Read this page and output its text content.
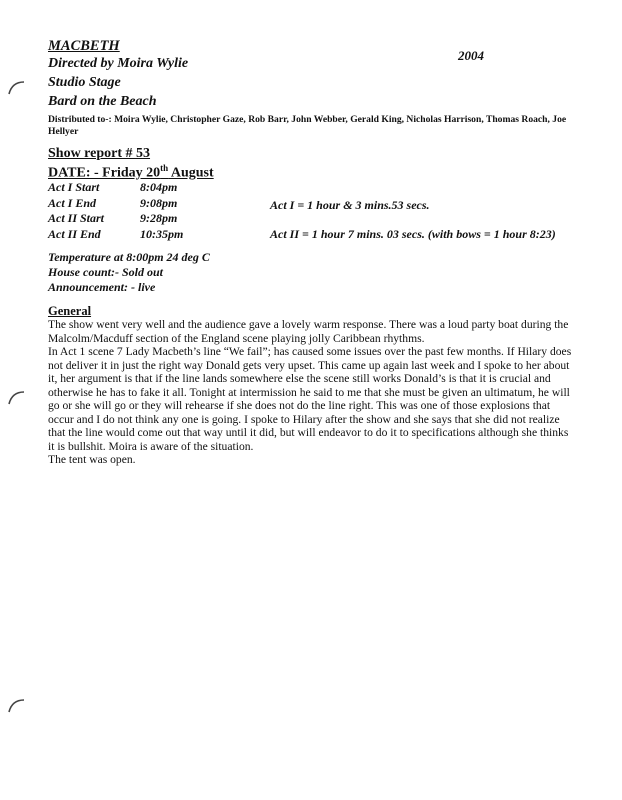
MACBETH
2004
Directed by Moira Wylie
Studio Stage
Bard on the Beach
Distributed to-: Moira Wylie, Christopher Gaze, Rob Barr, John Webber, Gerald King, Nicholas Harrison, Thomas Roach, Joe Hellyer
Show report # 53
DATE: - Friday 20th August
Act I Start	8:04pm
Act I End	9:08pm
Act II Start	9:28pm
Act II End	10:35pm
Act I = 1 hour & 3 mins.53 secs.
Act II = 1 hour 7 mins. 03 secs. (with bows = 1 hour 8:23)
Temperature at 8:00pm 24 deg C
House count:- Sold out
Announcement: - live
General

The show went very well and the audience gave a lovely warm response. There was a loud party boat during the Malcolm/Macduff section of the England scene playing jolly Caribbean rhythms.

In Act 1 scene 7 Lady Macbeth’s line “We fail”; has caused some issues over the past few months. If Hilary does not deliver it in just the right way Donald gets very upset. This came up again last week and I spoke to her about it, her argument is that if the line lands somewhere else the scene still works Donald’s is that it is crucial and otherwise he has to fake it all. Tonight at intermission he said to me that she must be given an ultimatum, he will go or she will go or they will rehearse if she does not do the line right. This was one of those explosions that occur and I do not think any one is going. I spoke to Hilary after the show and she says that she did not realize that the line would come out that way until it did, but will endeavor to do it to specifications although she thinks it is bullshit. Moira is aware of the situation.

The tent was open.
